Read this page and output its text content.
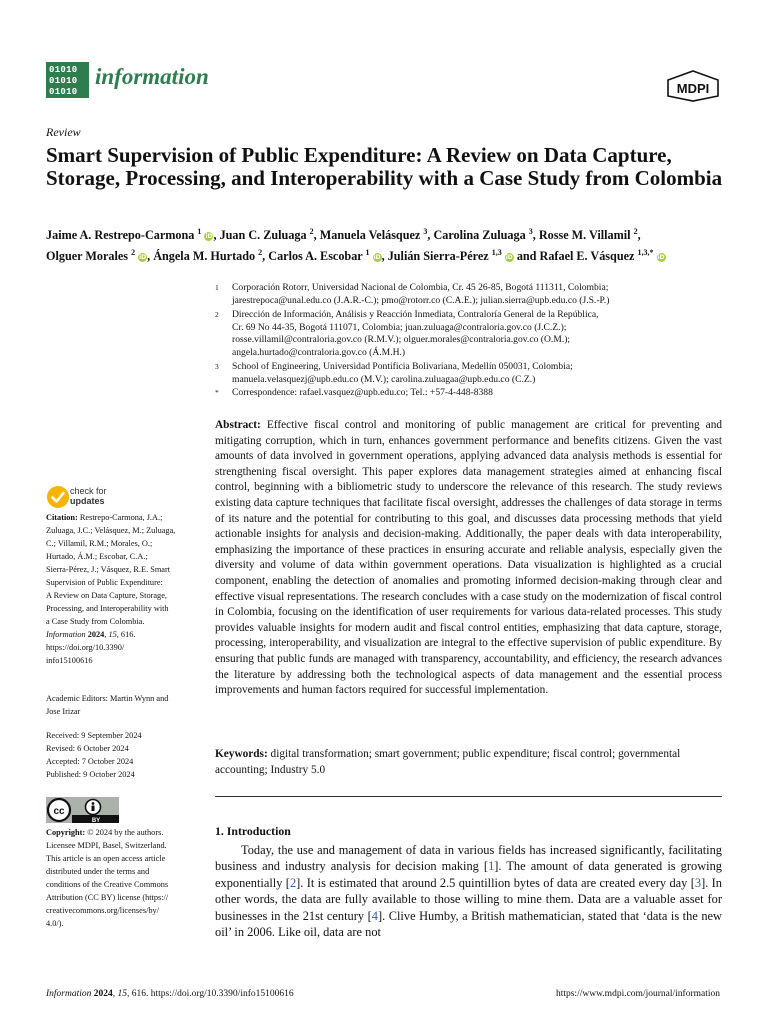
01010
01010
01010
information	MDPI
Review
Smart Supervision of Public Expenditure: A Review on Data Capture, Storage, Processing, and Interoperability with a Case Study from Colombia
Jaime A. Restrepo-Carmona $^1$ iD, Juan C. Zuluaga $^2$, Manuela Velásquez $^3$, Carolina Zuluaga $^3$, Rosse M. Villamil $^2$,
Olguer Morales $^2$ iD, Ángela M. Hurtado $^2$, Carlos A. Escobar $^1$ iD, Julián Sierra-Pérez $^{1,3}$ iD and Rafael E. Vásquez $^{1,3,*}$ iD
1 Corporación Rotorr, Universidad Nacional de Colombia, Cr. 45 26-85, Bogotá 111311, Colombia;
jarestrepoca@unal.edu.co (J.A.R.-C.); pmo@rotorr.co (C.A.E.); julian.sierra@upb.edu.co (J.S.-P.)
2 Dirección de Información, Análisis y Reacción Inmediata, Contraloría General de la República,
Cr. 69 No 44-35, Bogotá 111071, Colombia; juan.zuluaga@contraloria.gov.co (J.C.Z.);
rosse.villamil@contraloria.gov.co (R.M.V.); olguer.morales@contraloria.gov.co (O.M.);
angela.hurtado@contraloria.gov.co (Á.M.H.)
3 School of Engineering, Universidad Pontificia Bolivariana, Medellín 050031, Colombia;
manuela.velasquezj@upb.edu.co (M.V.); carolina.zuluagaa@upb.edu.co (C.Z.)
* Correspondence: rafael.vasquez@upb.edu.co; Tel.: +57-4-448-8388
Abstract: Effective fiscal control and monitoring of public management are critical for preventing and mitigating corruption, which in turn, enhances government performance and benefits citizens. Given the vast amounts of data involved in government operations, applying advanced data analysis methods is essential for strengthening fiscal oversight. This paper explores data management strategies aimed at enhancing fiscal control, beginning with a bibliometric study to underscore the relevance of this research. The study reviews existing data capture techniques that facilitate fiscal oversight, addresses the challenges of data storage in terms of its nature and the potential for contributing to this goal, and discusses data processing methods that yield actionable insights for analysis and decision-making. Additionally, the paper deals with data interoperability, emphasizing the importance of these practices in ensuring accurate and reliable analysis, especially given the diversity and volume of data within government operations. Data visualization is highlighted as a crucial component, enabling the detection of anomalies and promoting informed decision-making through clear and effective visual representations. The research concludes with a case study on the modernization of fiscal control in Colombia, focusing on the identification of user requirements for various data-related processes. This study provides valuable insights for modern audit and fiscal control entities, emphasizing that data capture, storage, processing, interoperability, and visualization are integral to the effective supervision of public expenditure. By ensuring that public funds are managed with transparency, accountability, and efficiency, the research advances the literature by addressing both the technological aspects of data management and the essential process improvements and human factors required for successful implementation.
Keywords: digital transformation; smart government; public expenditure; fiscal control; governmental accounting; Industry 5.0
1. Introduction
Today, the use and management of data in various fields has increased significantly, facilitating business and industry analysis for decision making [1]. The amount of data generated is growing exponentially [2]. It is estimated that around 2.5 quintillion bytes of data are created every day [3]. In other words, the data are fully available to those willing to mine them. Data are a valuable asset for businesses in the 21st century [4]. Clive Humby, a British mathematician, stated that ‘data is the new oil’ in 2006. Like oil, data are not
check for
updates
Citation: Restrepo-Carmona, J.A.;
Zuluaga, J.C.; Velásquez, M.; Zuluaga,
C.; Villamil, R.M.; Morales, O.;
Hurtado, Á.M.; Escobar, C.A.;
Sierra-Pérez, J.; Vásquez, R.E. Smart
Supervision of Public Expenditure:
A Review on Data Capture, Storage,
Processing, and Interoperability with
a Case Study from Colombia.
Information 2024, 15, 616.
https://doi.org/10.3390/
info15100616
Academic Editors: Martin Wynn and
Jose Irizar
Received: 9 September 2024
Revised: 6 October 2024
Accepted: 7 October 2024
Published: 9 October 2024
cc
BY
Copyright: © 2024 by the authors.
Licensee MDPI, Basel, Switzerland.
This article is an open access article
distributed under the terms and
conditions of the Creative Commons
Attribution (CC BY) license (https://
creativecommons.org/licenses/by/
4.0/).
Information 2024, 15, 616. https://doi.org/10.3390/info15100616	https://www.mdpi.com/journal/information
